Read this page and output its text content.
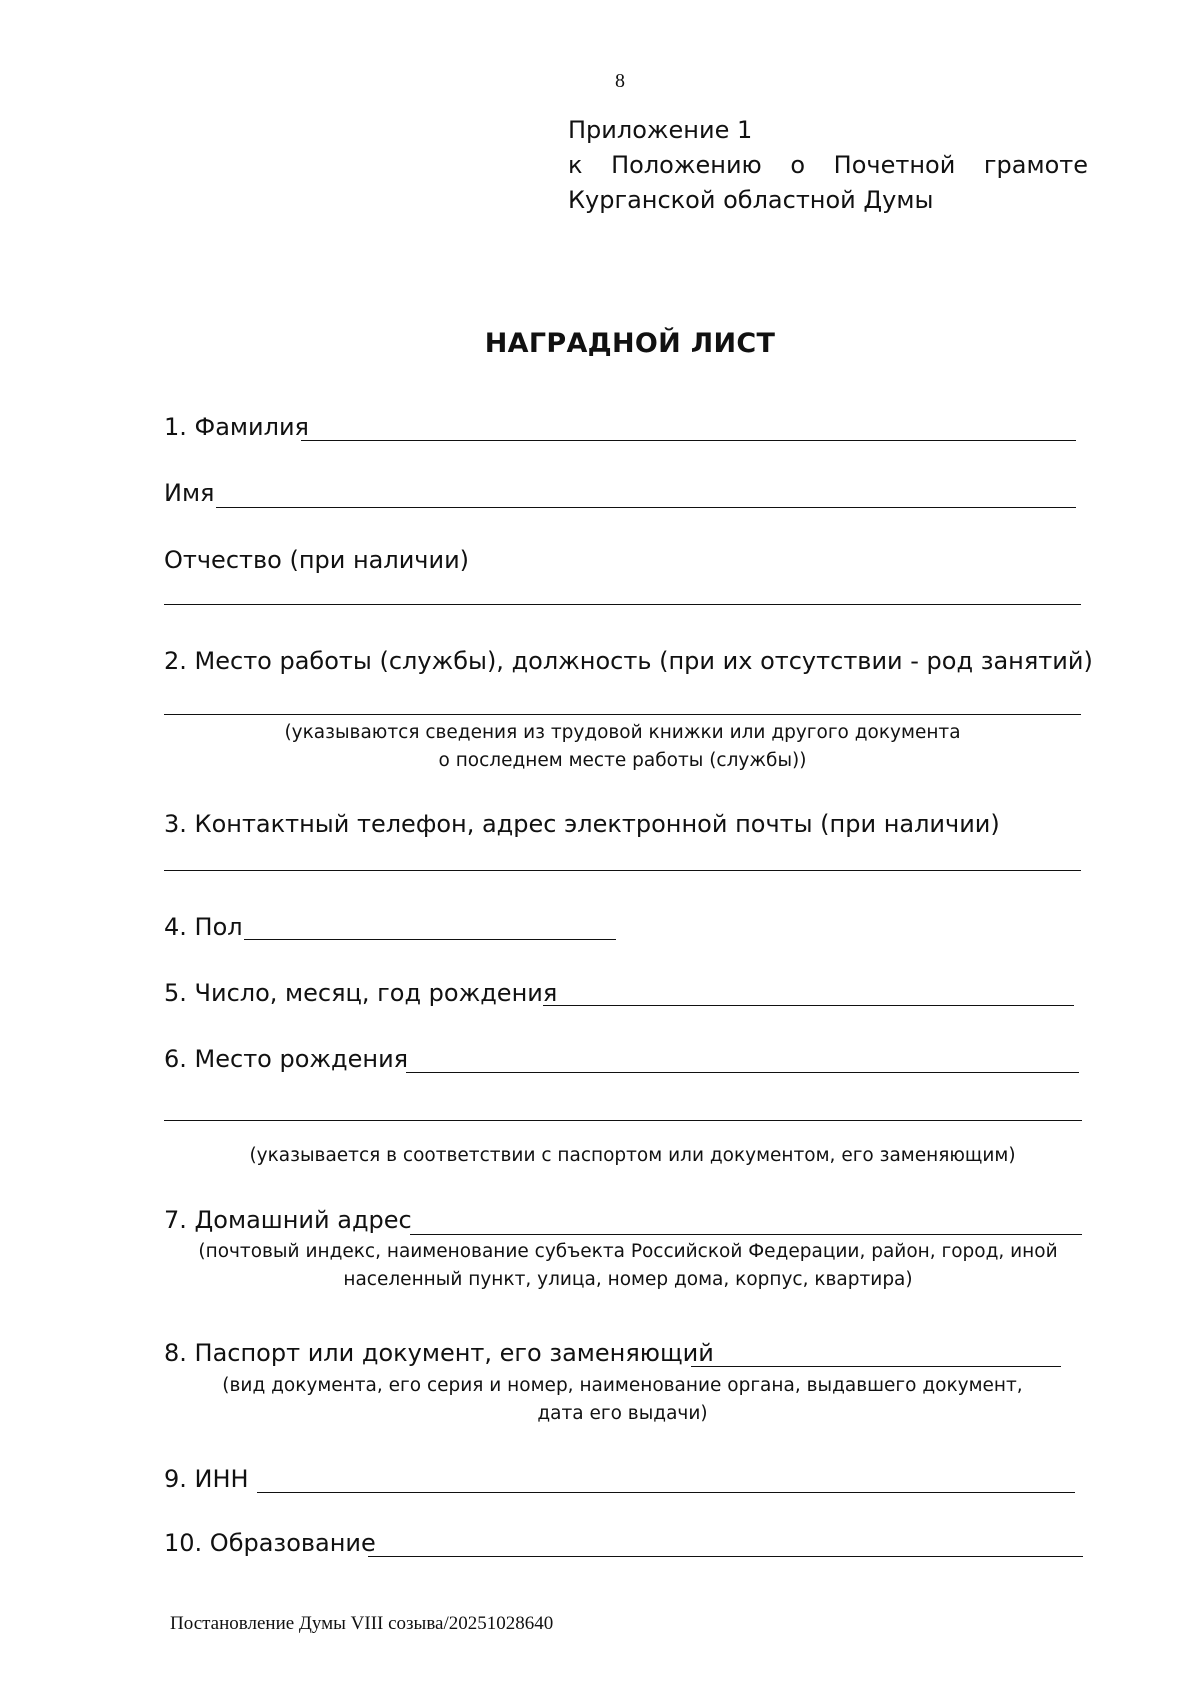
8
Приложение 1
к Положению о Почетной грамоте
Курганской областной Думы
НАГРАДНОЙ ЛИСТ
1. Фамилия
Имя
Отчество (при наличии)
2. Место работы (службы), должность (при их отсутствии - род занятий)
(указываются сведения из трудовой книжки или другого документа
о последнем месте работы (службы))
3. Контактный телефон, адрес электронной почты (при наличии)
4. Пол
5. Число, месяц, год рождения
6. Место рождения
(указывается в соответствии с паспортом или документом, его заменяющим)
7. Домашний адрес
(почтовый индекс, наименование субъекта Российской Федерации, район, город, иной
населенный пункт, улица, номер дома, корпус, квартира)
8. Паспорт или документ, его заменяющий
(вид документа, его серия и номер, наименование органа, выдавшего документ,
дата его выдачи)
9. ИНН
10. Образование
Постановление Думы VIII созыва/20251028640
